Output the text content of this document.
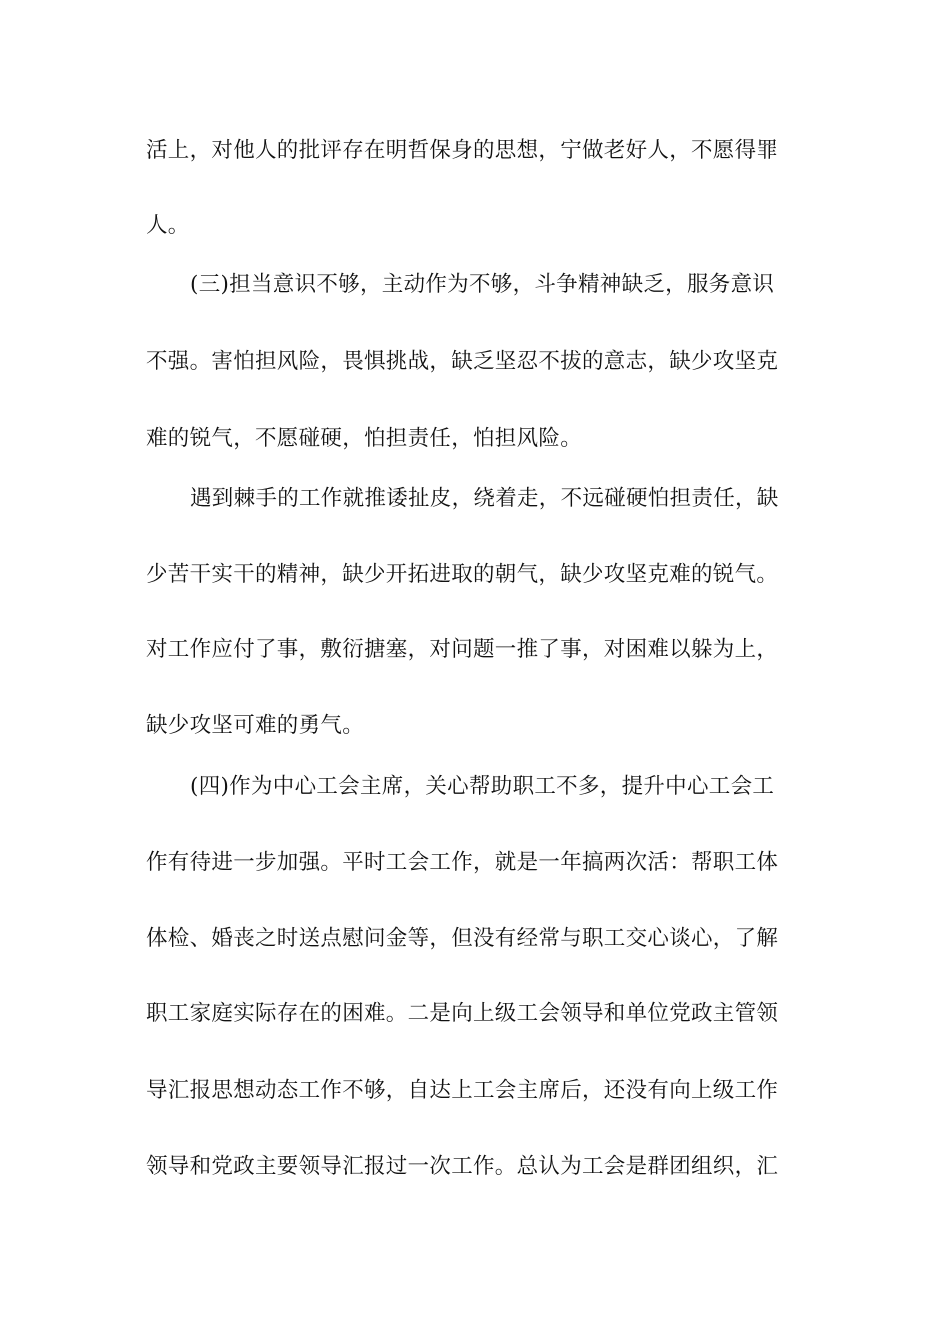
活上，对他人的批评存在明哲保身的思想，宁做老好人，不愿得罪
人。
(三)担当意识不够，主动作为不够，斗争精神缺乏，服务意识
不强。害怕担风险，畏惧挑战，缺乏坚忍不拔的意志，缺少攻坚克
难的锐气，不愿碰硬，怕担责任，怕担风险。
遇到棘手的工作就推诿扯皮，绕着走，不远碰硬怕担责任，缺
少苦干实干的精神，缺少开拓进取的朝气，缺少攻坚克难的锐气。
对工作应付了事，敷衍搪塞，对问题一推了事，对困难以躲为上，
缺少攻坚可难的勇气。
(四)作为中心工会主席，关心帮助职工不多，提升中心工会工
作有待进一步加强。平时工会工作，就是一年搞两次活：帮职工体
体检、婚丧之时送点慰问金等，但没有经常与职工交心谈心，了解
职工家庭实际存在的困难。二是向上级工会领导和单位党政主管领
导汇报思想动态工作不够，自达上工会主席后，还没有向上级工作
领导和党政主要领导汇报过一次工作。总认为工会是群团组织，汇
